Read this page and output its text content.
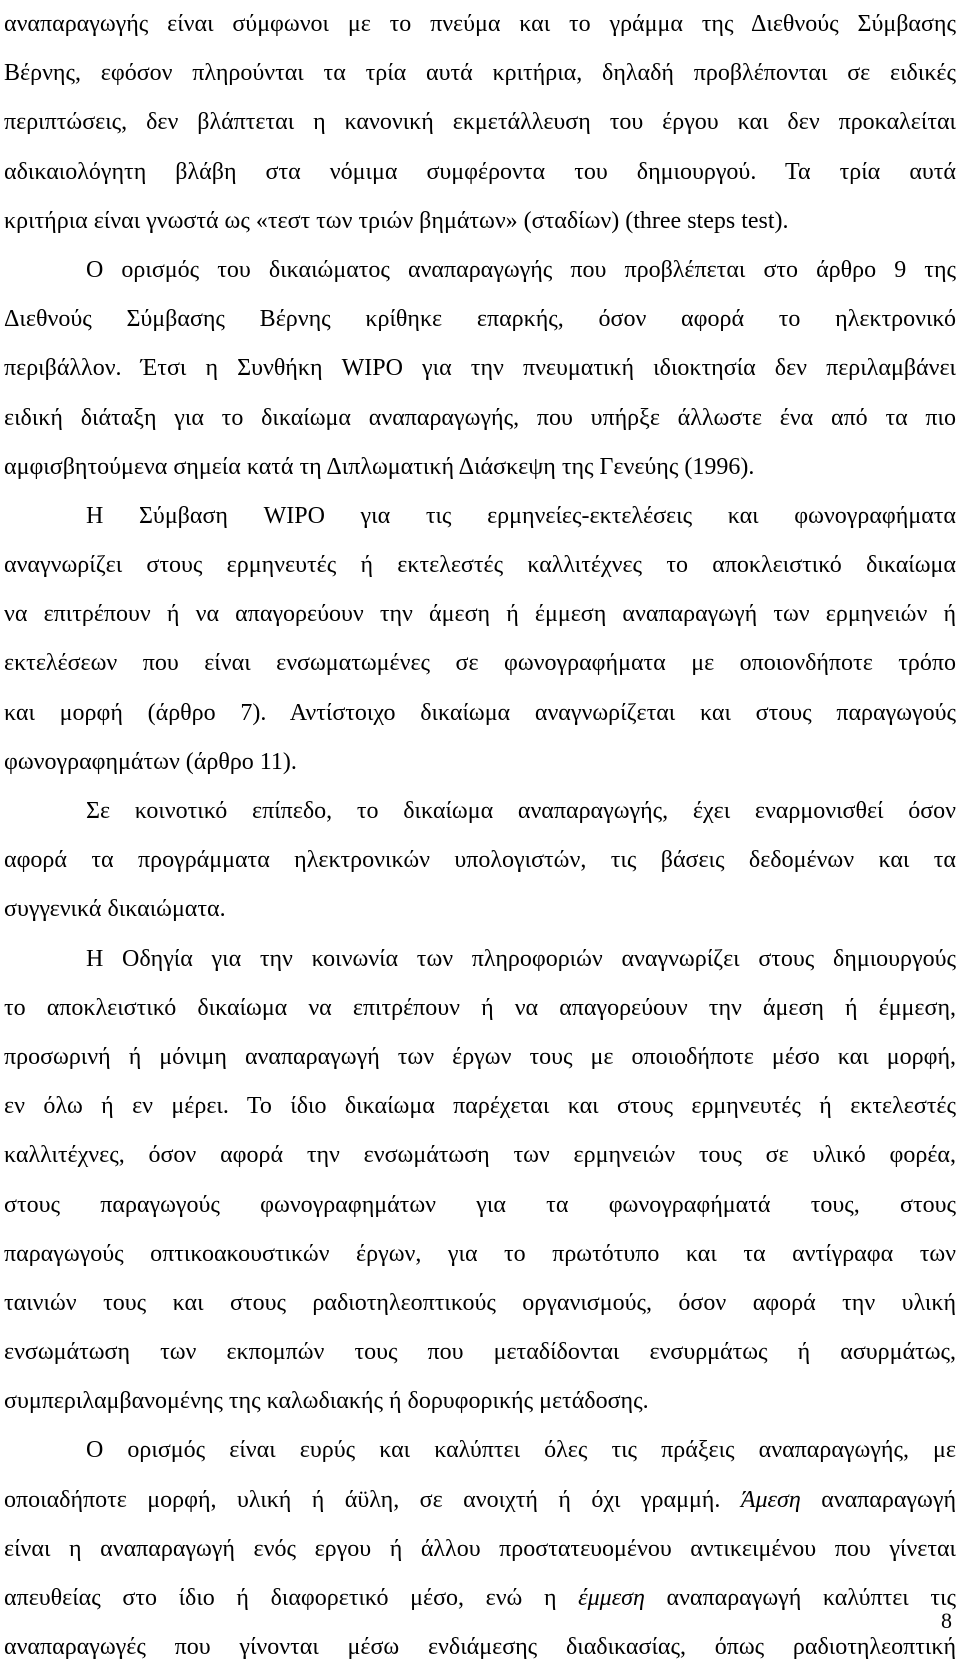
αναπαραγωγής είναι σύμφωνοι με το πνεύμα και το γράμμα της Διεθνούς Σύμβασης
Βέρνης, εφόσον πληρούνται τα τρία αυτά κριτήρια, δηλαδή προβλέπονται σε ειδικές
περιπτώσεις, δεν βλάπτεται η κανονική εκμετάλλευση του έργου και δεν προκαλείται
αδικαιολόγητη βλάβη στα νόμιμα συμφέροντα του δημιουργού. Τα τρία αυτά
κριτήρια είναι γνωστά ως «τεστ των τριών βημάτων» (σταδίων) (three steps test).
Ο ορισμός του δικαιώματος αναπαραγωγής που προβλέπεται στο άρθρο 9 της
Διεθνούς Σύμβασης Βέρνης κρίθηκε επαρκής, όσον αφορά το ηλεκτρονικό
περιβάλλον. Έτσι η Συνθήκη WIPO για την πνευματική ιδιοκτησία δεν περιλαμβάνει
ειδική διάταξη για το δικαίωμα αναπαραγωγής, που υπήρξε άλλωστε ένα από τα πιο
αμφισβητούμενα σημεία κατά τη Διπλωματική Διάσκεψη της Γενεύης (1996).
Η Σύμβαση WIPO για τις ερμηνείες-εκτελέσεις και φωνογραφήματα
αναγνωρίζει στους ερμηνευτές ή εκτελεστές καλλιτέχνες το αποκλειστικό δικαίωμα
να επιτρέπουν ή να απαγορεύουν την άμεση ή έμμεση αναπαραγωγή των ερμηνειών ή
εκτελέσεων που είναι ενσωματωμένες σε φωνογραφήματα με οποιονδήποτε τρόπο
και μορφή (άρθρο 7). Αντίστοιχο δικαίωμα αναγνωρίζεται και στους παραγωγούς
φωνογραφημάτων (άρθρο 11).
Σε κοινοτικό επίπεδο, το δικαίωμα αναπαραγωγής, έχει εναρμονισθεί όσον
αφορά τα προγράμματα ηλεκτρονικών υπολογιστών, τις βάσεις δεδομένων και τα
συγγενικά δικαιώματα.
Η Οδηγία για την κοινωνία των πληροφοριών αναγνωρίζει στους δημιουργούς
το αποκλειστικό δικαίωμα να επιτρέπουν ή να απαγορεύουν την άμεση ή έμμεση,
προσωρινή ή μόνιμη αναπαραγωγή των έργων τους με οποιοδήποτε μέσο και μορφή,
εν όλω ή εν μέρει. Το ίδιο δικαίωμα παρέχεται και στους ερμηνευτές ή εκτελεστές
καλλιτέχνες, όσον αφορά την ενσωμάτωση των ερμηνειών τους σε υλικό φορέα,
στους παραγωγούς φωνογραφημάτων για τα φωνογραφήματά τους, στους
παραγωγούς οπτικοακουστικών έργων, για το πρωτότυπο και τα αντίγραφα των
ταινιών τους και στους ραδιοτηλεοπτικούς οργανισμούς, όσον αφορά την υλική
ενσωμάτωση των εκπομπών τους που μεταδίδονται ενσυρμάτως ή ασυρμάτως,
συμπεριλαμβανομένης της καλωδιακής ή δορυφορικής μετάδοσης.
Ο ορισμός είναι ευρύς και καλύπτει όλες τις πράξεις αναπαραγωγής, με
οποιαδήποτε μορφή, υλική ή άϋλη, σε ανοιχτή ή όχι γραμμή. Άμεση αναπαραγωγή
είναι η αναπαραγωγή ενός εργου ή άλλου προστατευομένου αντικειμένου που γίνεται
απευθείας στο ίδιο ή διαφορετικό μέσο, ενώ η έμμεση αναπαραγωγή καλύπτει τις
αναπαραγωγές που γίνονται μέσω ενδιάμεσης διαδικασίας, όπως ραδιοτηλεοπτική
8
